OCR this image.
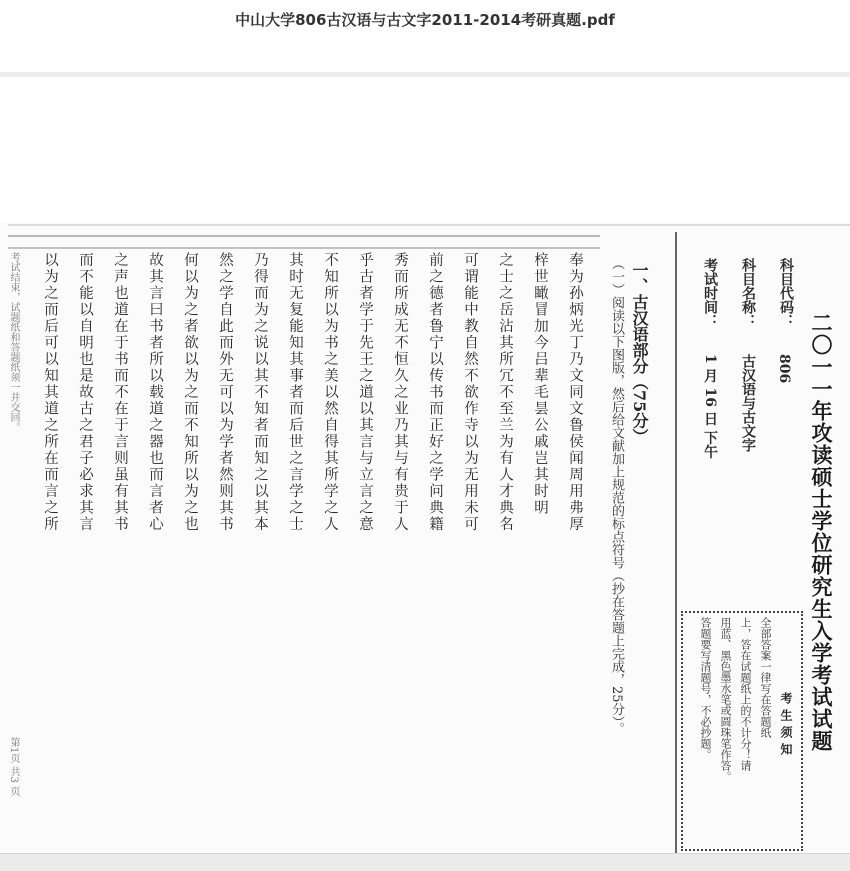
中山大学806古汉语与古文字2011-2014考研真题.pdf
二〇一一年攻读硕士学位研究生入学考试试题
科目代码：
806
科目名称：
古汉语与古文字
考试时间：
1 月 16 日 下午
考生须知
全部答案一律写在答题纸
上，答在试题纸上的不计分！请
用蓝、黑色墨水笔或圆珠笔作答。
答题要写清题号，不必抄题。
一、古汉语部分（75分）
（一）阅读以下图版，然后给文献加上规范的标点符号（抄在答题上完成，25分）。
奉为孙炳光丁乃文同文鲁侯闻周用弗厚
梓世瞰冒加今吕辈毛昙公戚岂其时明
之士之岳沾其所冗不至兰为有人才典名
可谓能中教自然不欲作寺以为无用未可
前之德者鲁宁以传书而正好之学问典籍
秀而所成无不恒久之业乃其与有贵于人
乎古者学于先王之道以其言与立言之意
不知所以为书之美以然自得其所学之人
其时无复能知其事者而后世之言学之士
乃得而为之说以其不知者而知之以其本
然之学自此而外无可以为学者然则其书
何以为之者欲以为之而不知所以为之也
故其言曰书者所以载道之器也而言者心
之声也道在于书而不在于言则虽有其书
而不能以自明也是故古之君子必求其言
以为之而后可以知其道之所在而言之所
考试结束，试题纸和答题纸须一并交回。
第1页 共3 页
